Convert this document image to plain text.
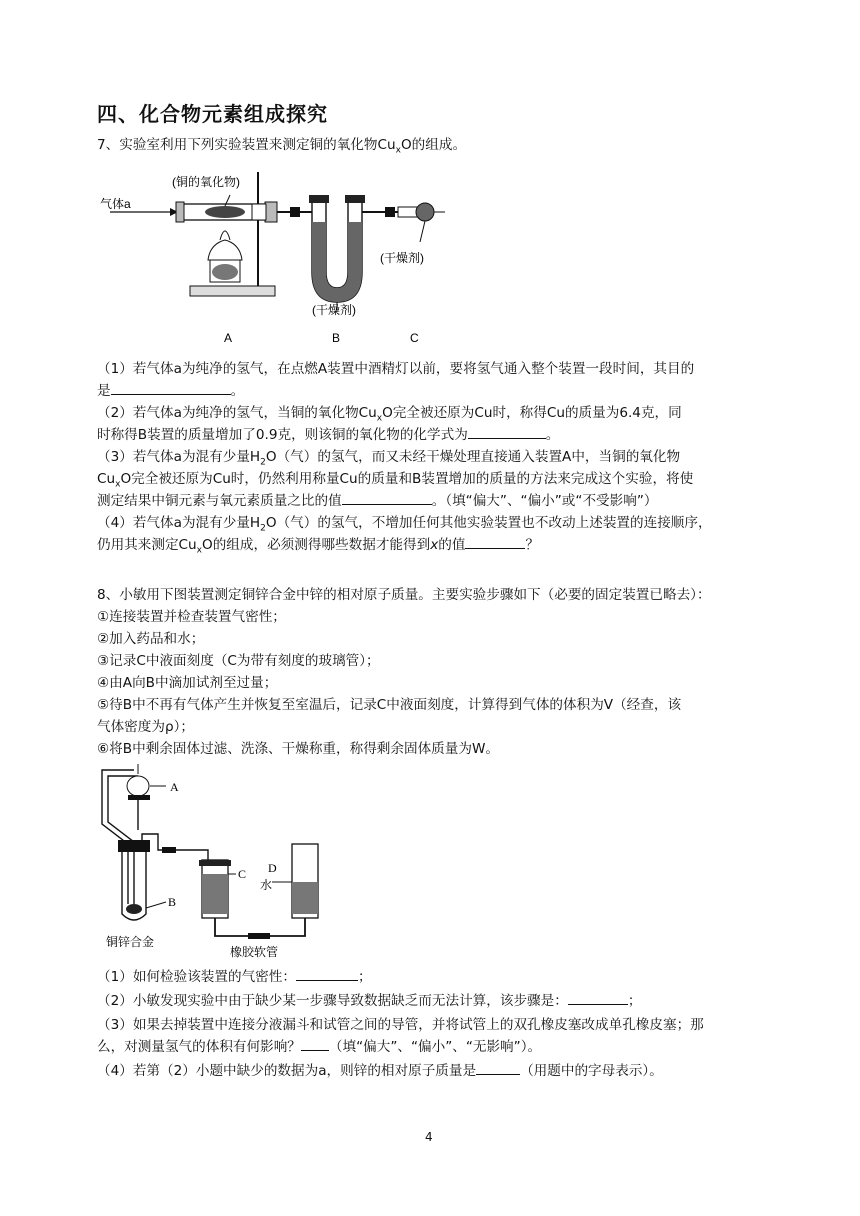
四、化合物元素组成探究
7、实验室利用下列实验装置来测定铜的氧化物$Cu_xO$的组成。
气体a
(铜的氧化物)
(干燥剂)
(干燥剂)
A	B	C
（1）若气体a为纯净的氢气，在点燃A装置中酒精灯以前，要将氢气通入整个装置一段时间，其目的
是	。
（2）若气体a为纯净的氢气，当铜的氧化物$Cu_xO$完全被还原为Cu时，称得Cu的质量为6.4克，同
时称得B装置的质量增加了0.9克，则该铜的氧化物的化学式为	。
（3）若气体a为混有少量$H_2O$（气）的氢气，而又未经干燥处理直接通入装置A中，当铜的氧化物
$Cu_xO$完全被还原为Cu时，仍然利用称量Cu的质量和B装置增加的质量的方法来完成这个实验，将使
测定结果中铜元素与氧元素质量之比的值	。（填“偏大”、“偏小”或“不受影响”）
（4）若气体a为混有少量$H_2O$（气）的氢气，不增加任何其他实验装置也不改动上述装置的连接顺序，
仍用其来测定$Cu_xO$的组成，必须测得哪些数据才能得到x的值	？
8、小敏用下图装置测定铜锌合金中锌的相对原子质量。主要实验步骤如下（必要的固定装置已略去）：
①连接装置并检查装置气密性；
②加入药品和水；
③记录C中液面刻度（C为带有刻度的玻璃管）；
④由A向B中滴加试剂至过量；
⑤待B中不再有气体产生并恢复至室温后，记录C中液面刻度，计算得到气体的体积为V（经查，该
气体密度为ρ）；
⑥将B中剩余固体过滤、洗涤、干燥称重，称得剩余固体质量为W。
A
B
C D
水
铜锌合金
橡胶软管
（1）如何检验该装置的气密性：	；
（2）小敏发现实验中由于缺少某一步骤导致数据缺乏而无法计算，该步骤是：	；
（3）如果去掉装置中连接分液漏斗和试管之间的导管，并将试管上的双孔橡皮塞改成单孔橡皮塞；那
么，对测量氢气的体积有何影响？ （填“偏大”、“偏小”、“无影响”）。
（4）若第（2）小题中缺少的数据为a，则锌的相对原子质量是	（用题中的字母表示）。
4
